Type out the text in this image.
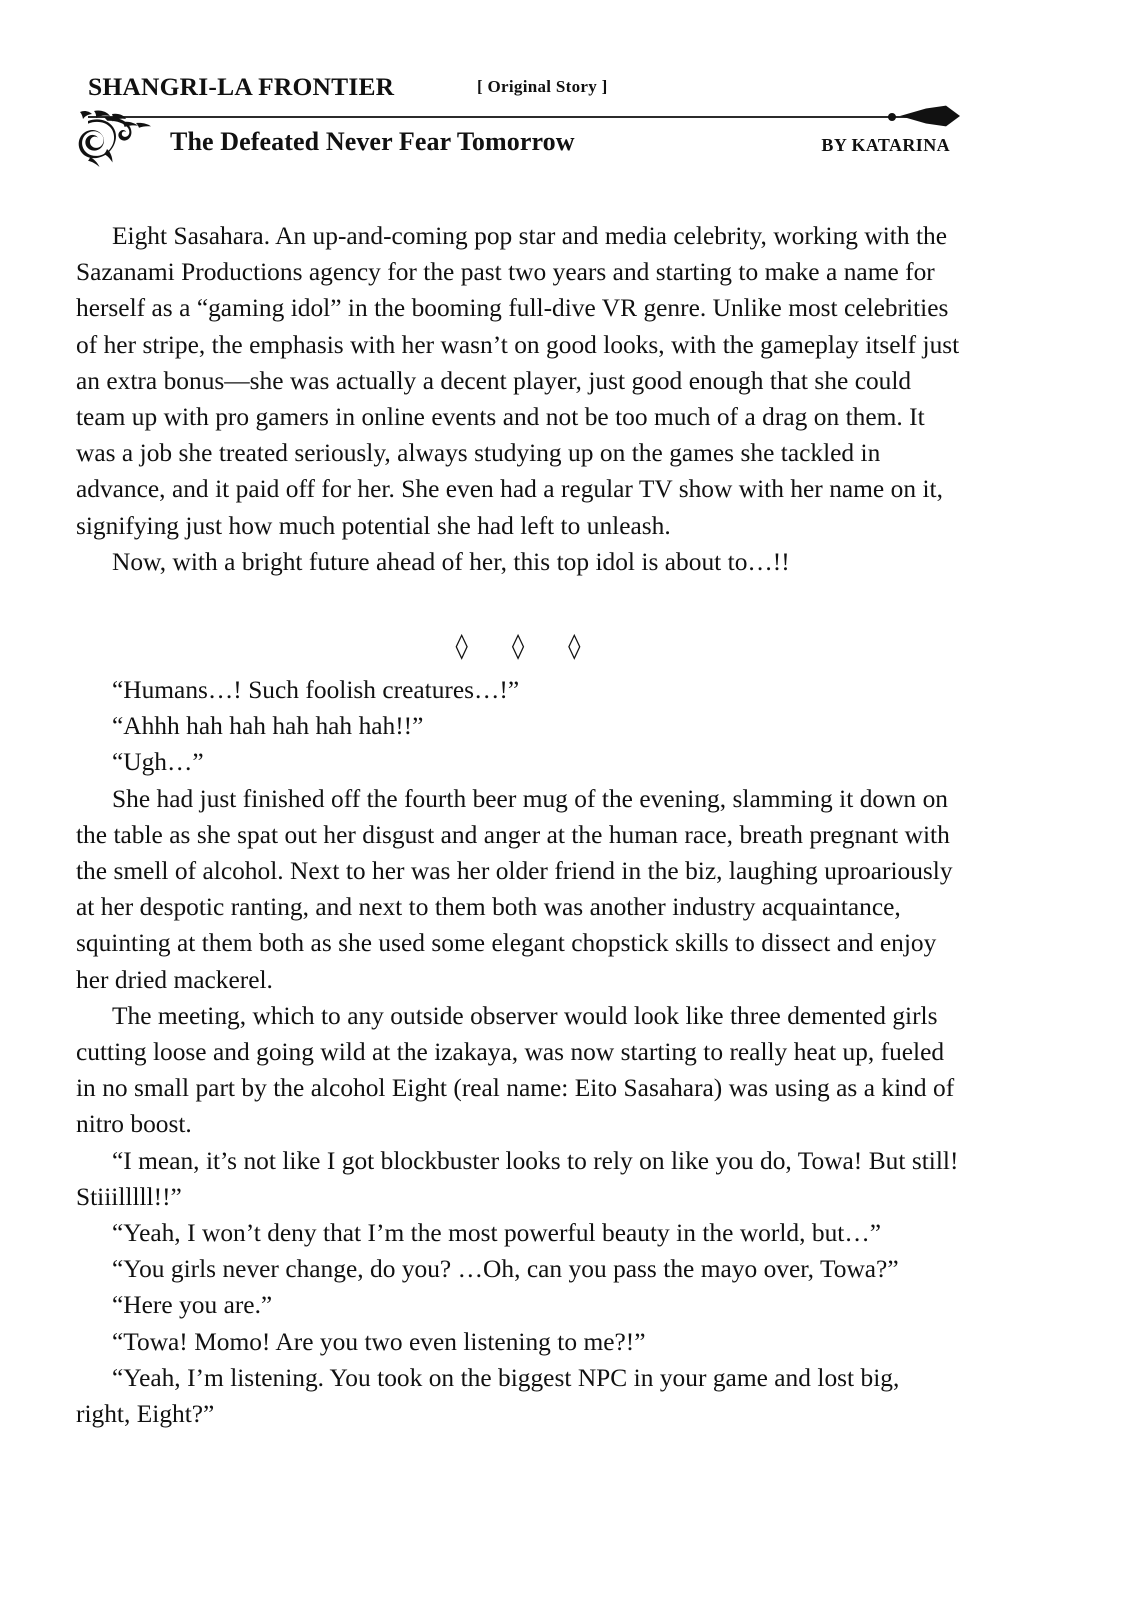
SHANGRI-LA FRONTIER	[ Original Story ]
The Defeated Never Fear Tomorrow	BY KATARINA

Eight Sasahara. An up-and-coming pop star and media celebrity, working with the Sazanami Productions agency for the past two years and starting to make a name for herself as a “gaming idol” in the booming full-dive VR genre. Unlike most celebrities of her stripe, the emphasis with her wasn’t on good looks, with the gameplay itself just an extra bonus—she was actually a decent player, just good enough that she could team up with pro gamers in online events and not be too much of a drag on them. It was a job she treated seriously, always studying up on the games she tackled in advance, and it paid off for her. She even had a regular TV show with her name on it, signifying just how much potential she had left to unleash.

Now, with a bright future ahead of her, this top idol is about to…!!

◊	◊	◊

“Humans…! Such foolish creatures…!”

“Ahhh hah hah hah hah hah!!”

“Ugh…”

She had just finished off the fourth beer mug of the evening, slamming it down on the table as she spat out her disgust and anger at the human race, breath pregnant with the smell of alcohol. Next to her was her older friend in the biz, laughing uproariously at her despotic ranting, and next to them both was another industry acquaintance, squinting at them both as she used some elegant chopstick skills to dissect and enjoy her dried mackerel.

The meeting, which to any outside observer would look like three demented girls cutting loose and going wild at the izakaya, was now starting to really heat up, fueled in no small part by the alcohol Eight (real name: Eito Sasahara) was using as a kind of nitro boost.

“I mean, it’s not like I got blockbuster looks to rely on like you do, Towa! But still! Stiiilllll!!”

“Yeah, I won’t deny that I’m the most powerful beauty in the world, but…”

“You girls never change, do you? …Oh, can you pass the mayo over, Towa?”

“Here you are.”

“Towa! Momo! Are you two even listening to me?!”

“Yeah, I’m listening. You took on the biggest NPC in your game and lost big, right, Eight?”
